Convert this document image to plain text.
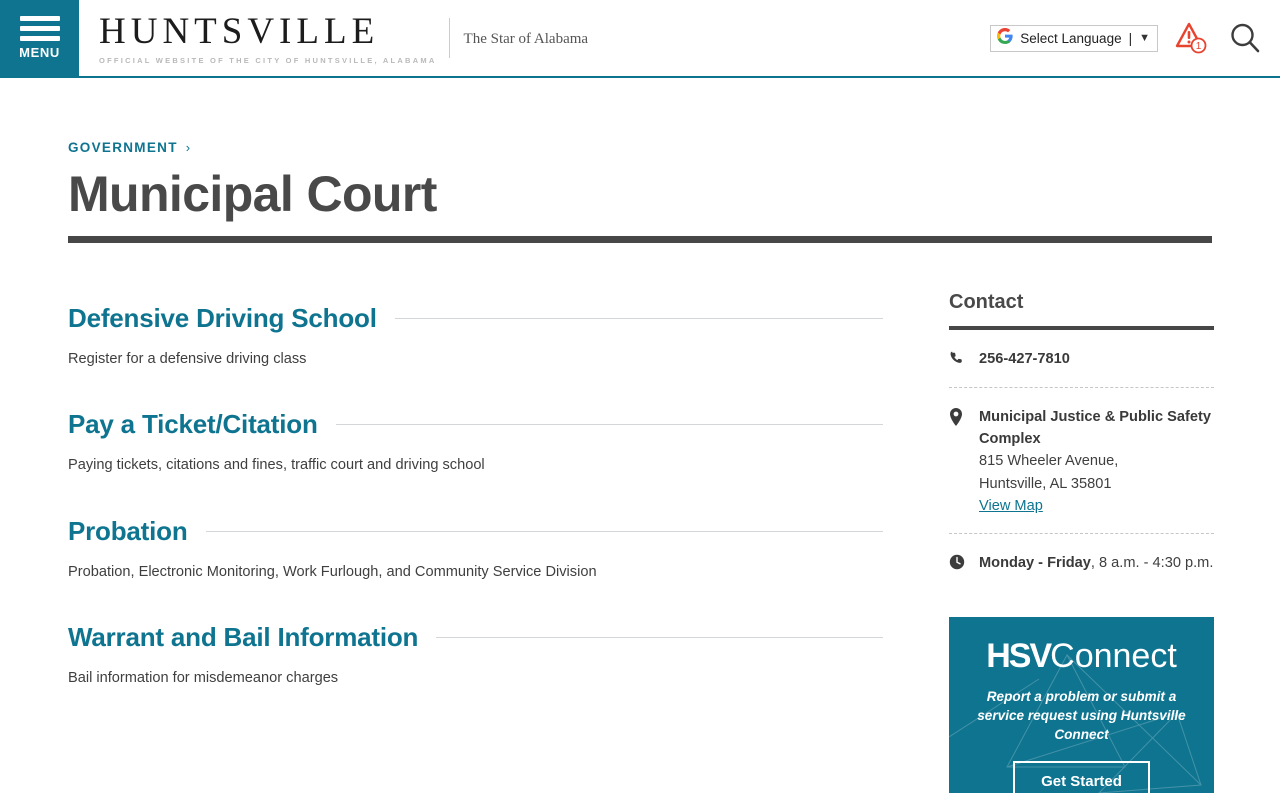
MENU
HUNTSVILLE
OFFICIAL WEBSITE OF THE CITY OF HUNTSVILLE, ALABAMA
The Star of Alabama	Select Language | ▼
1
GOVERNMENT ›
Municipal Court
Defensive Driving School
Register for a defensive driving class
Pay a Ticket/Citation
Paying tickets, citations and fines, traffic court and driving school
Probation
Probation, Electronic Monitoring, Work Furlough, and Community Service Division
Warrant and Bail Information
Bail information for misdemeanor charges
Contact
256-427-7810
Municipal Justice & Public Safety Complex
815 Wheeler Avenue,
Huntsville, AL 35801
View Map
Monday - Friday, 8 a.m. - 4:30 p.m.
HSVConnect
Report a problem or submit a service request using Huntsville Connect
Get Started
